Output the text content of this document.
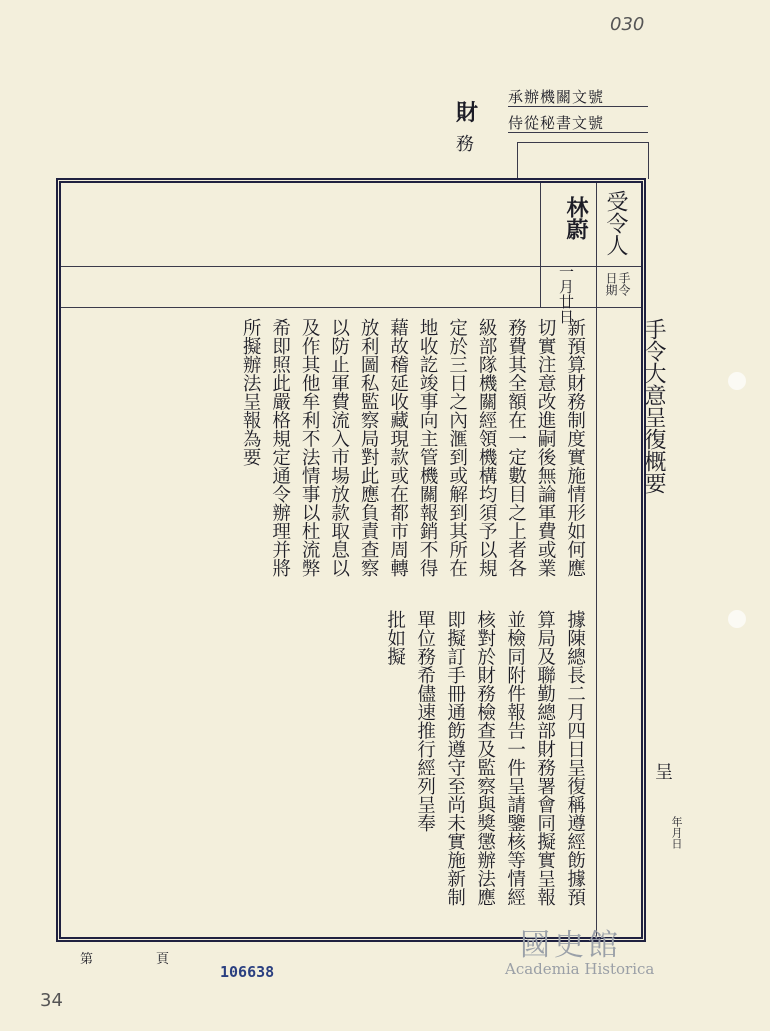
030
財
務
承辦機關文號
侍從秘書文號
受令人
林蔚
手令日期
一月廿日
手令大意呈復概要
新預算財務制度實施情形如何應
切實注意改進嗣後無論軍費或業
務費其全額在一定數目之上者各
級部隊機關經領機構均須予以規
定於三日之內滙到或解到其所在
地收訖竣事向主管機關報銷不得
藉故稽延收藏現款或在都市周轉
放利圖私監察局對此應負責查察
以防止軍費流入市場放款取息以
及作其他牟利不法情事以杜流弊
希即照此嚴格規定通令辦理并將
所擬辦法呈報為要
據陳總長二月四日呈復稱遵經飭據預
算局及聯勤總部財務署會同擬實呈報
並檢同附件報告一件呈請鑒核等情經
核對於財務檢查及監察與獎懲辦法應
即擬訂手冊通飭遵守至尚未實施新制
單位務希儘速推行經列呈奉
批如擬
呈
年月日
第	頁
106638
34
國史館
Academia Historica
